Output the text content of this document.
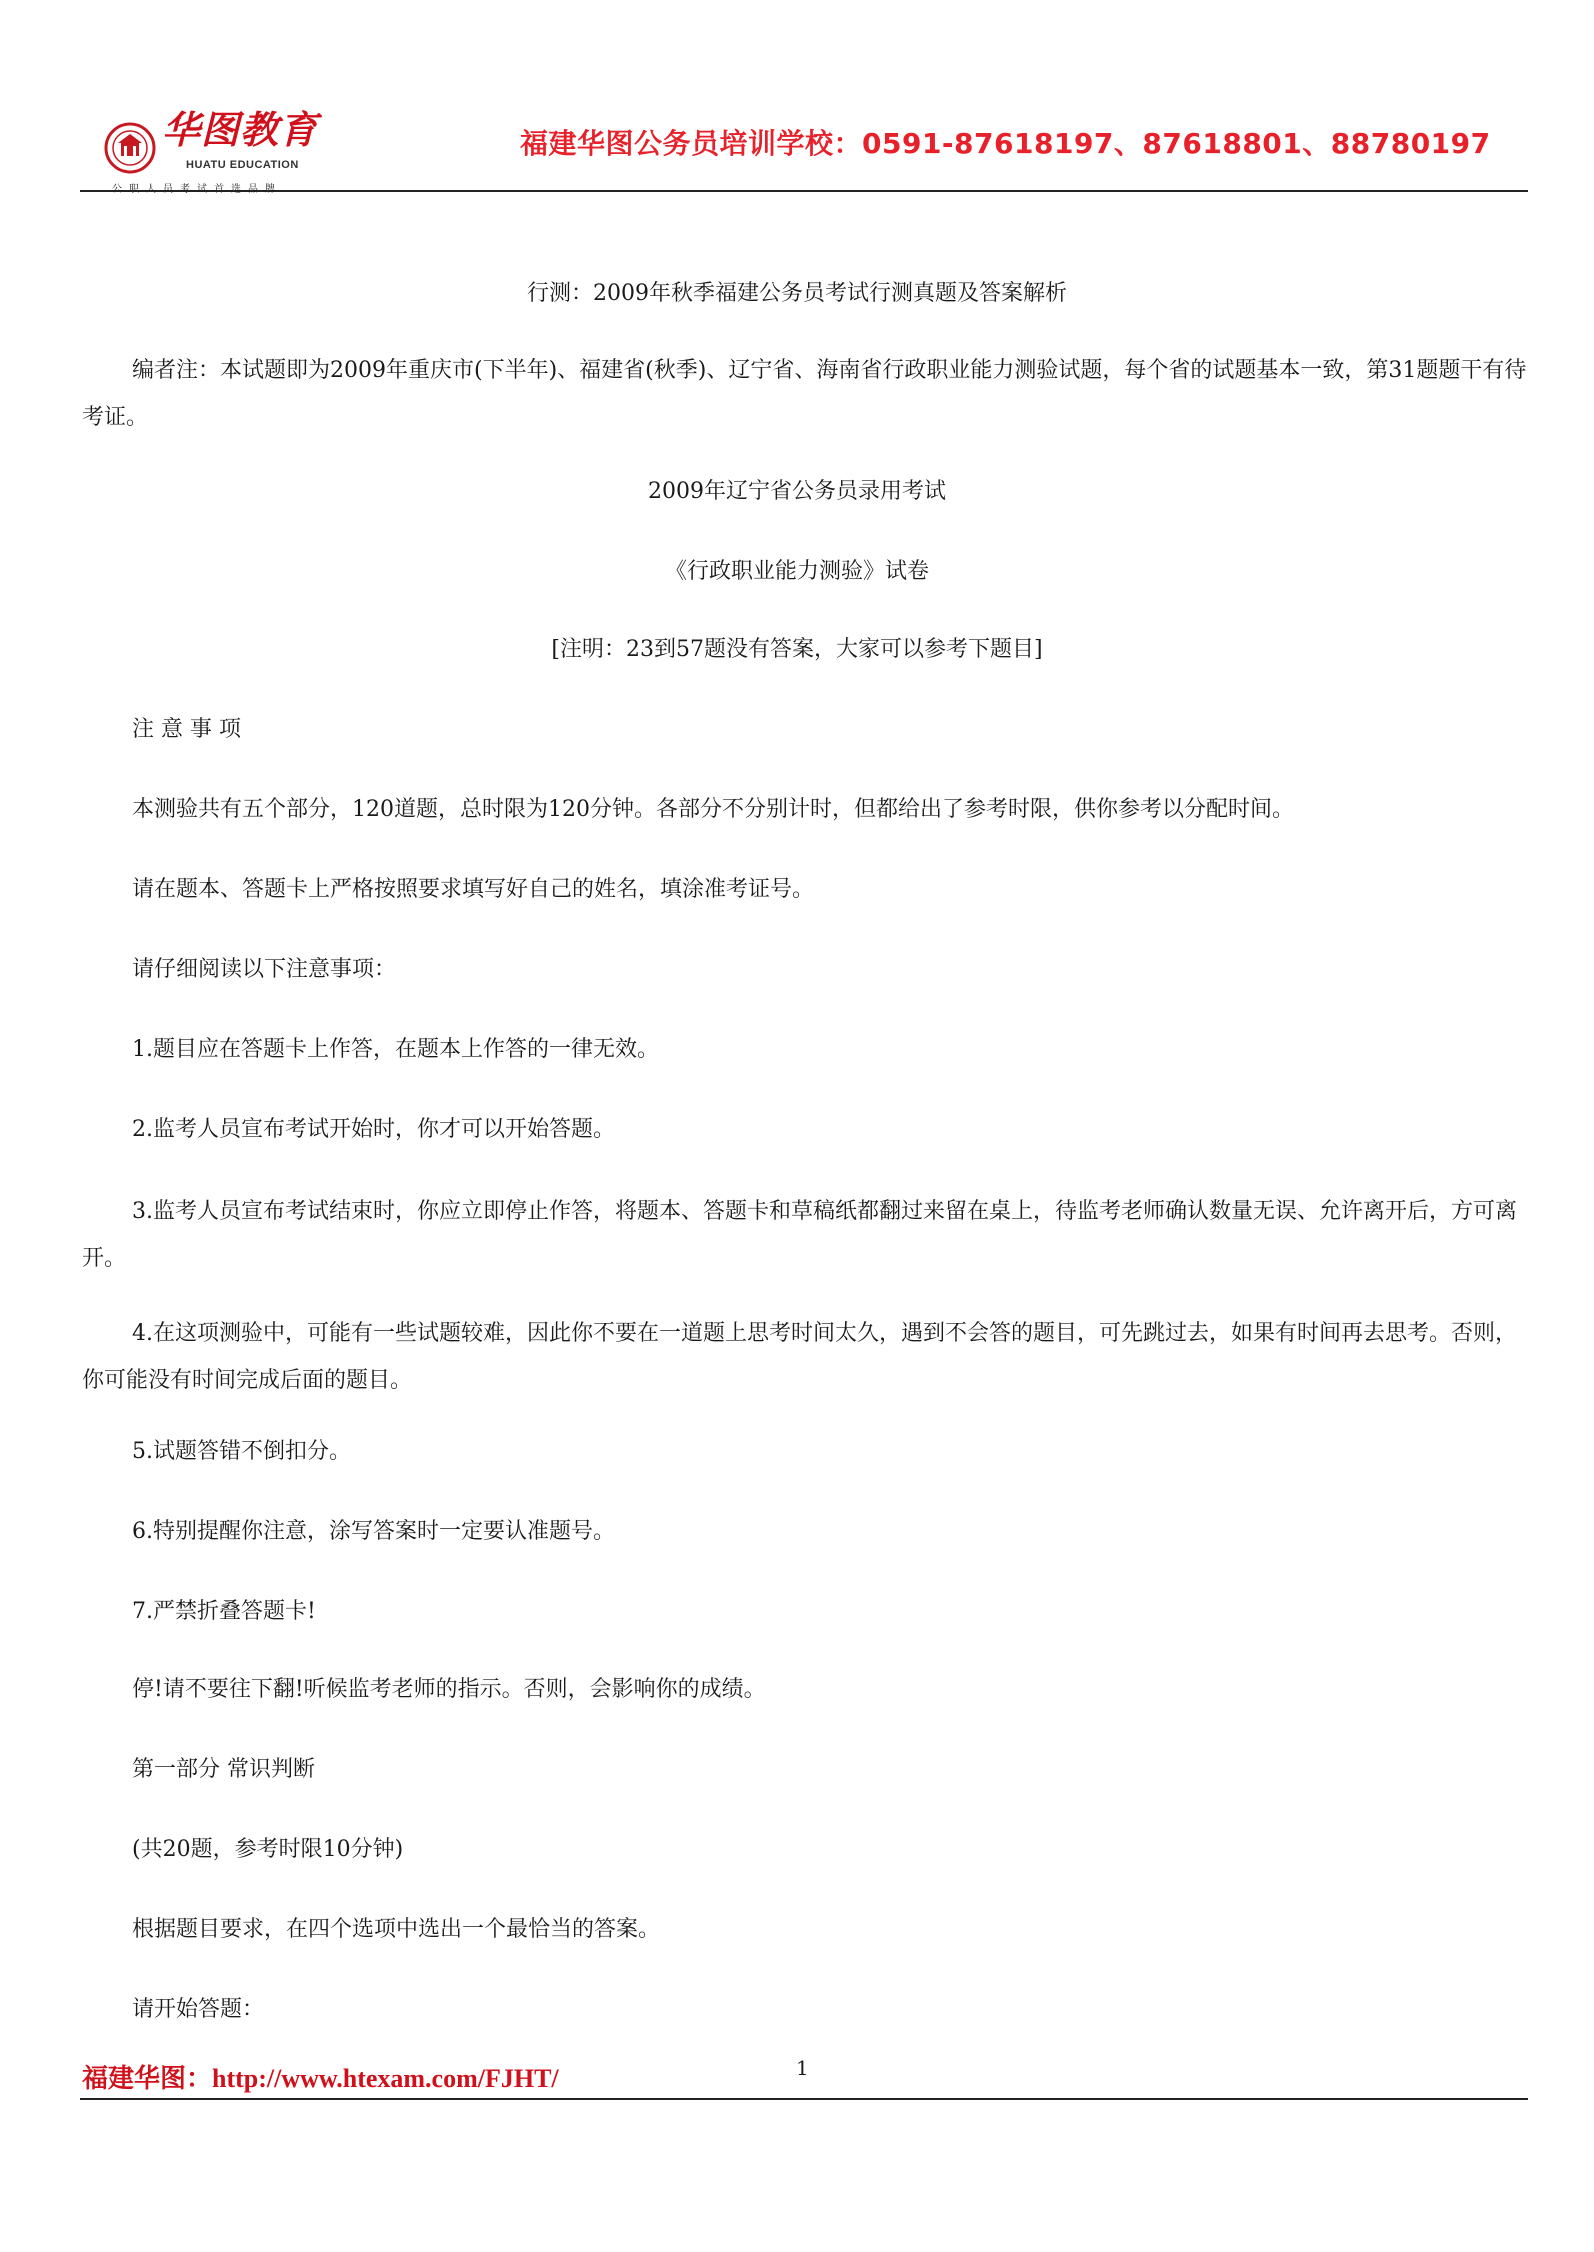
华图教育
HUATU EDUCATION
福建华图公务员培训学校：0591-87618197、87618801、88780197
行测：2009年秋季福建公务员考试行测真题及答案解析
编者注：本试题即为2009年重庆市(下半年)、福建省(秋季)、辽宁省、海南省行政职业能力测验试题，每个省的试题基本一致，第31题题干有待考证。
2009年辽宁省公务员录用考试
《行政职业能力测验》试卷
[注明：23到57题没有答案，大家可以参考下题目]
注 意 事 项
本测验共有五个部分，120道题，总时限为120分钟。各部分不分别计时，但都给出了参考时限，供你参考以分配时间。
请在题本、答题卡上严格按照要求填写好自己的姓名，填涂准考证号。
请仔细阅读以下注意事项：
1.题目应在答题卡上作答，在题本上作答的一律无效。
2.监考人员宣布考试开始时，你才可以开始答题。
3.监考人员宣布考试结束时，你应立即停止作答，将题本、答题卡和草稿纸都翻过来留在桌上，待监考老师确认数量无误、允许离开后，方可离开。
4.在这项测验中，可能有一些试题较难，因此你不要在一道题上思考时间太久，遇到不会答的题目，可先跳过去，如果有时间再去思考。否则，你可能没有时间完成后面的题目。
5.试题答错不倒扣分。
6.特别提醒你注意，涂写答案时一定要认准题号。
7.严禁折叠答题卡!
停!请不要往下翻!听候监考老师的指示。否则，会影响你的成绩。
第一部分 常识判断
(共20题，参考时限10分钟)
根据题目要求，在四个选项中选出一个最恰当的答案。
请开始答题：
福建华图：http://www.htexam.com/FJHT/	1
